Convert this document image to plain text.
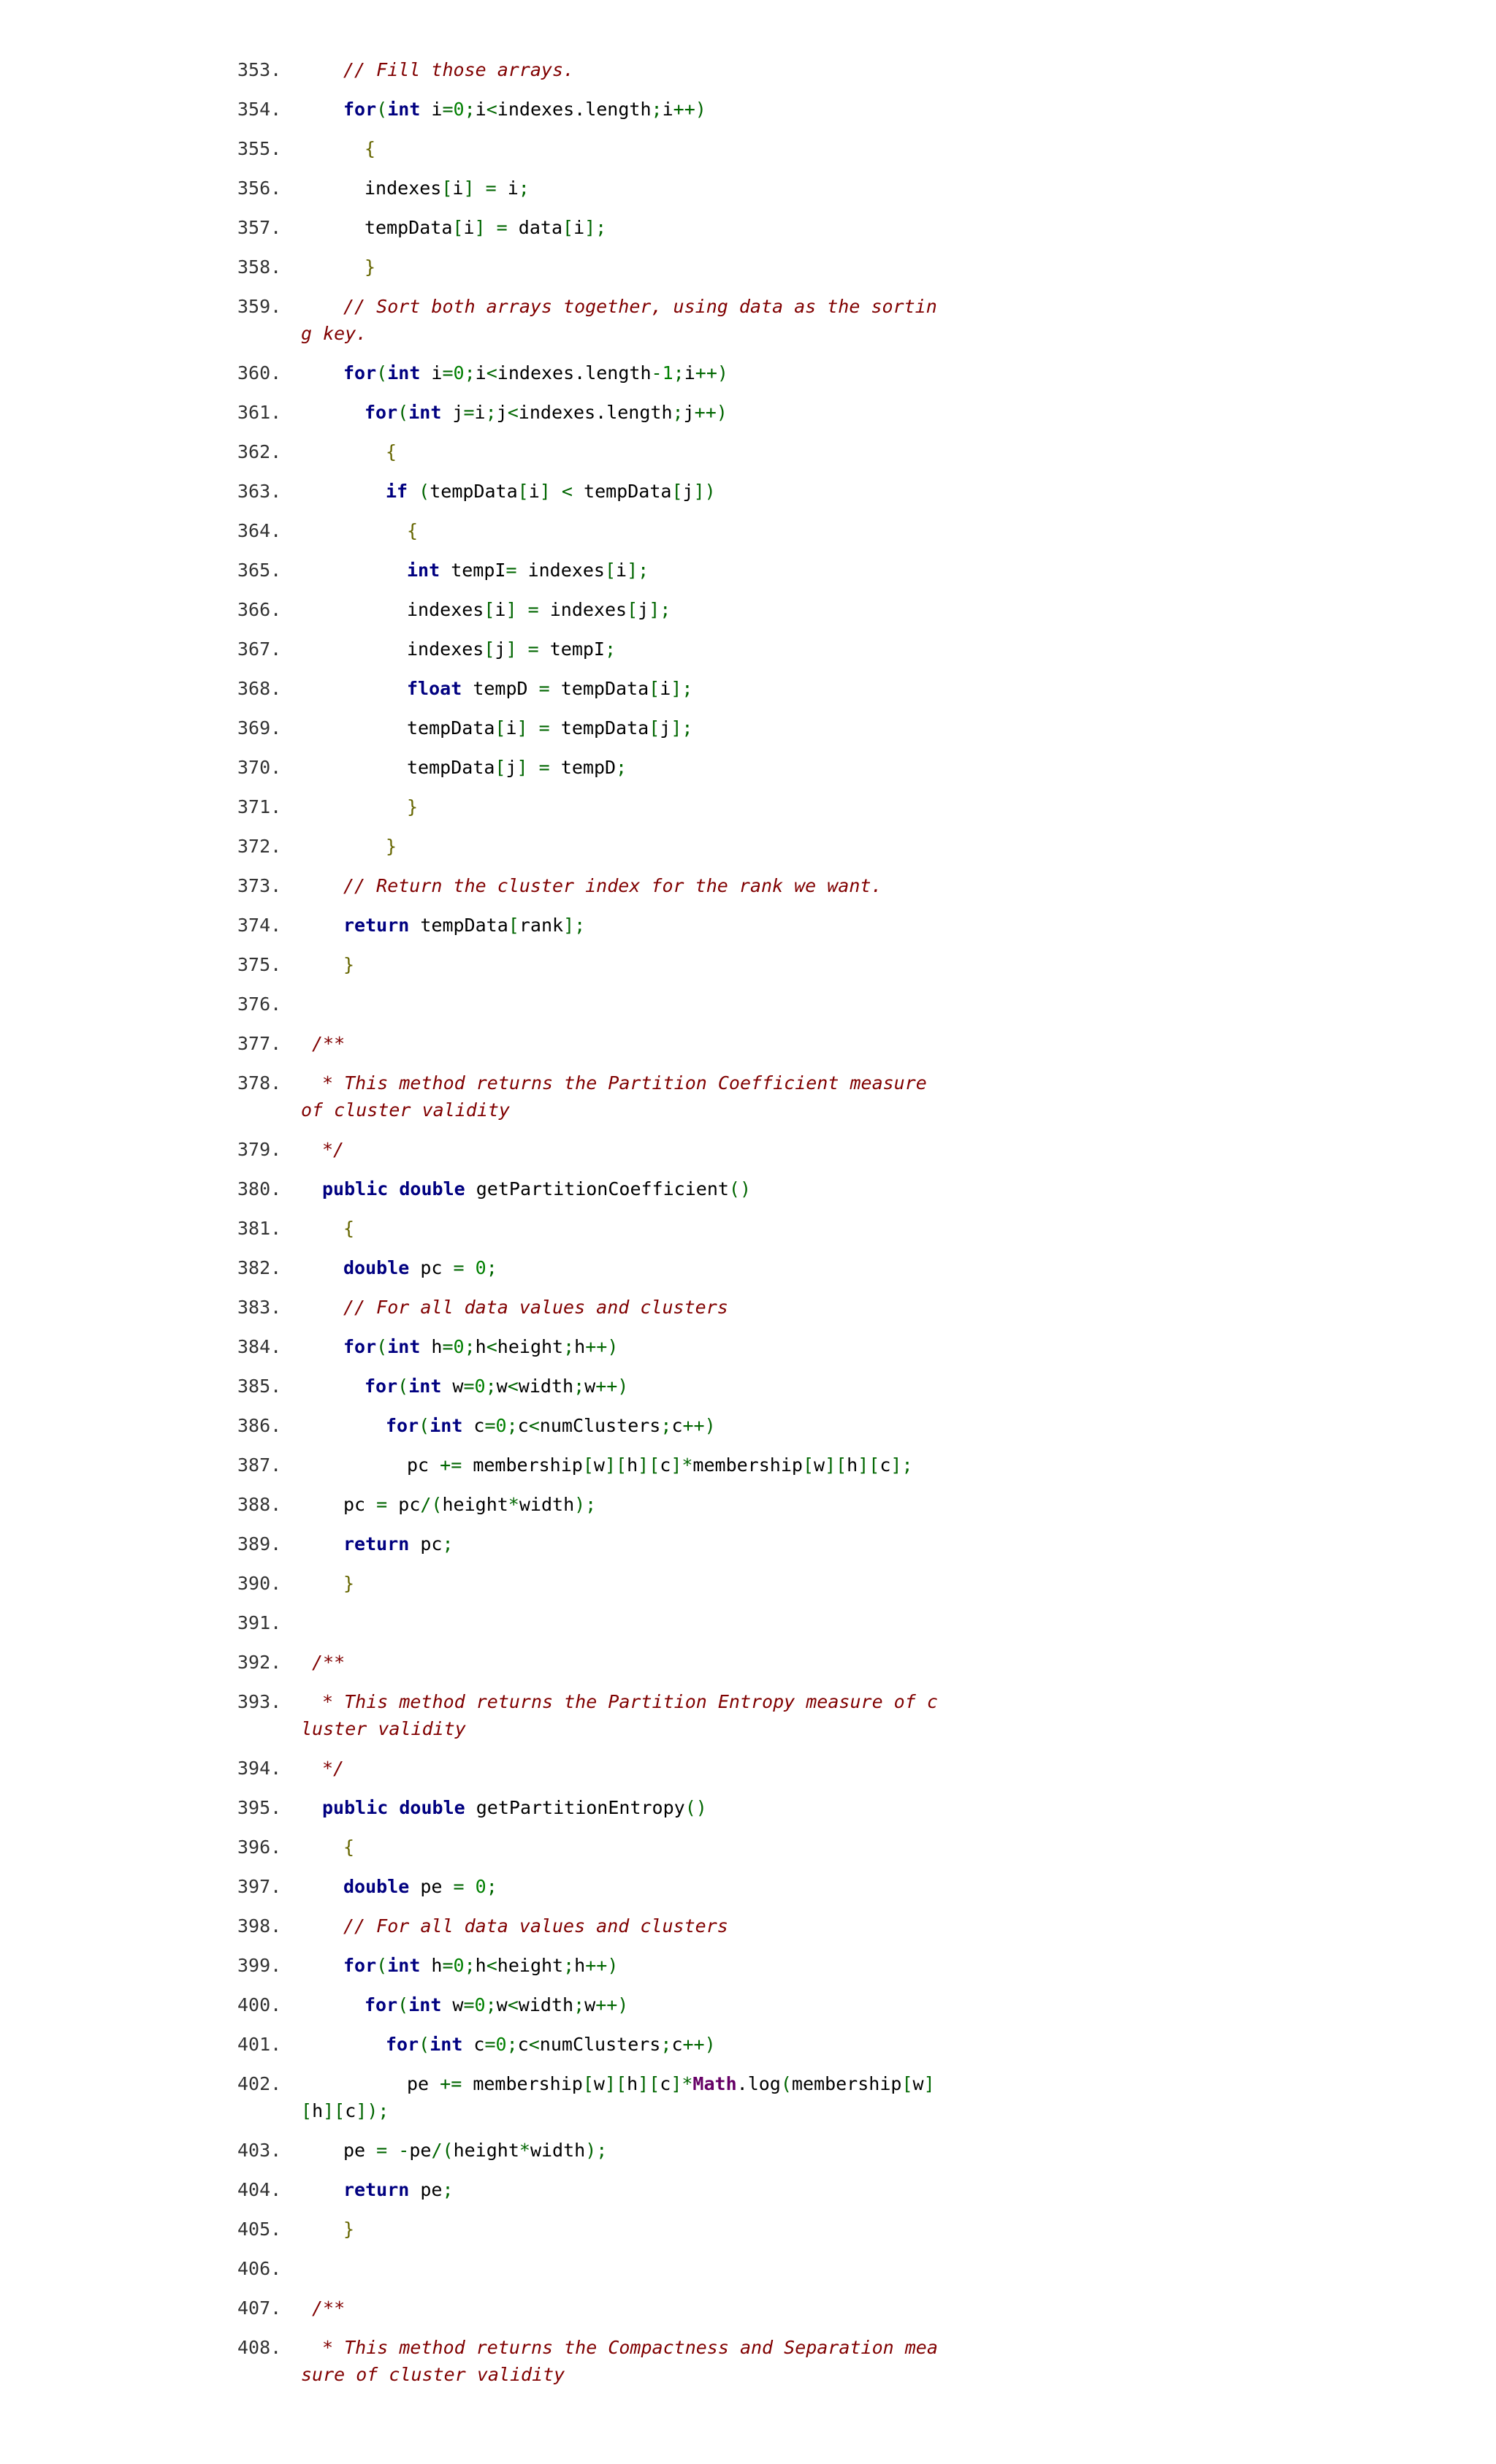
353.	// Fill those arrays.
354.	for(int i=0;i<indexes.length;i++)
355.	{
356.	indexes[i] = i;
357.	tempData[i] = data[i];
358.	}
359.	// Sort both arrays together, using data as the sorting key.
360.	for(int i=0;i<indexes.length-1;i++)
361.	for(int j=i;j<indexes.length;j++)
362.	{
363.	if (tempData[i] < tempData[j])
364.	{
365.	int tempI= indexes[i];
366.	indexes[i] = indexes[j];
367.	indexes[j] = tempI;
368.	float tempD = tempData[i];
369.	tempData[i] = tempData[j];
370.	tempData[j] = tempD;
371.	}
372.	}
373.	// Return the cluster index for the rank we want.
374.	return tempData[rank];
375.	}
376.
377.	/**
378.	* This method returns the Partition Coefficient measure of cluster validity
379.	*/
380.	public double getPartitionCoefficient()
381.	{
382.	double pc = 0;
383.	// For all data values and clusters
384.	for(int h=0;h<height;h++)
385.	for(int w=0;w<width;w++)
386.	for(int c=0;c<numClusters;c++)
387.	pc += membership[w][h][c]*membership[w][h][c];
388.	pc = pc/(height*width);
389.	return pc;
390.	}
391.
392.	/**
393.	* This method returns the Partition Entropy measure of cluster validity
394.	*/
395.	public double getPartitionEntropy()
396.	{
397.	double pe = 0;
398.	// For all data values and clusters
399.	for(int h=0;h<height;h++)
400.	for(int w=0;w<width;w++)
401.	for(int c=0;c<numClusters;c++)
402.	pe += membership[w][h][c]*Math.log(membership[w][h][c]);
403.	pe = -pe/(height*width);
404.	return pe;
405.	}
406.
407.	/**
408.	* This method returns the Compactness and Separation measure of cluster validity
